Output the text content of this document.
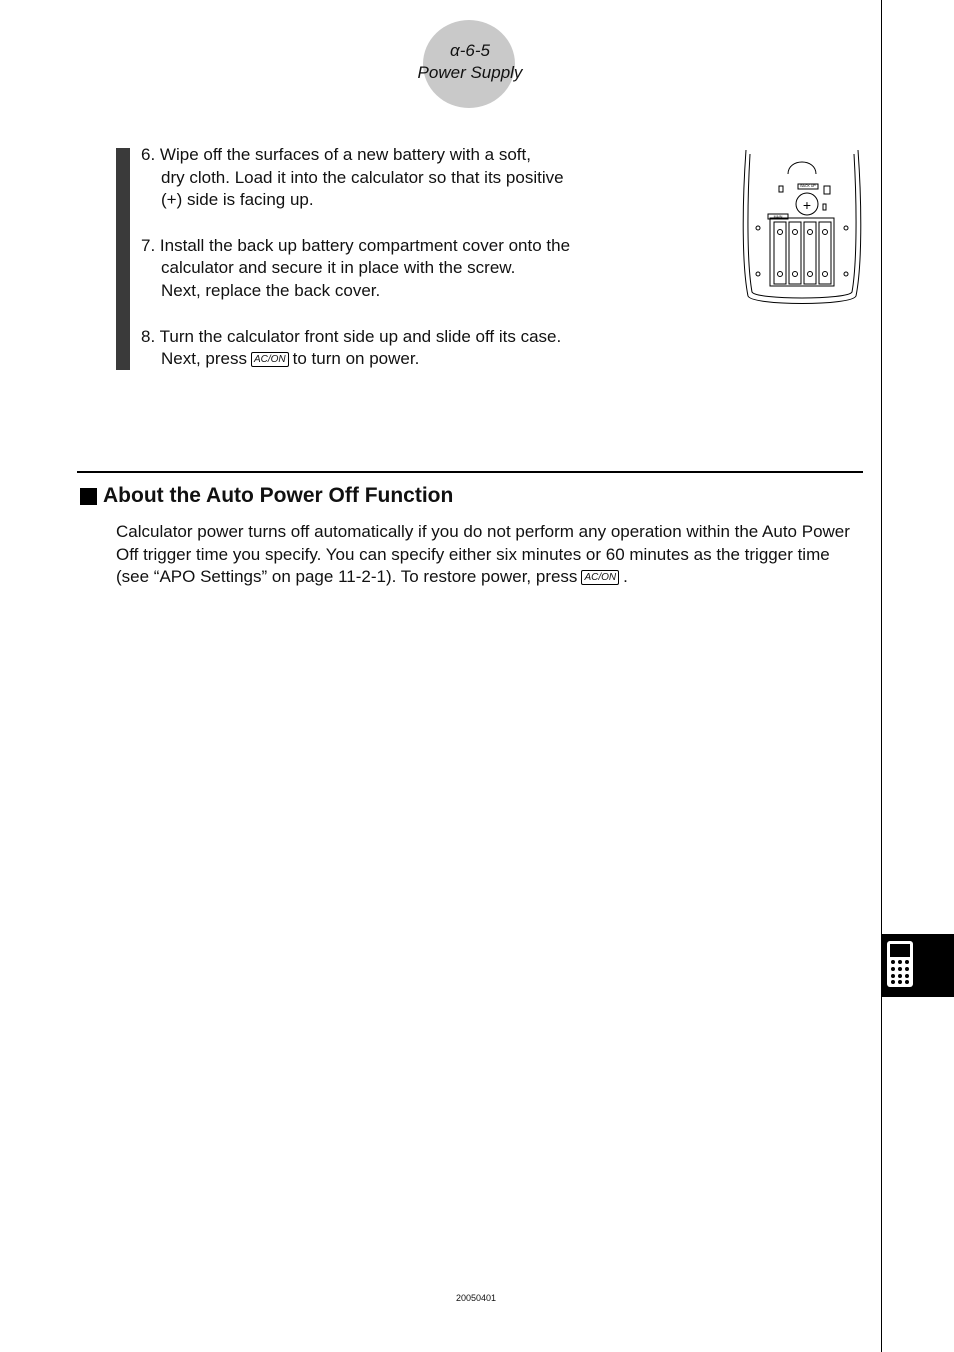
α-6-5
Power Supply
6. Wipe off the surfaces of a new battery with a soft,
dry cloth. Load it into the calculator so that its positive
(+) side is facing up.
7. Install the back up battery compartment cover onto the
calculator and secure it in place with the screw.
Next, replace the back cover.
8. Turn the calculator front side up and slide off its case.
Next, press AC/ON to turn on power.
BACK UP
MAIN
+
About the Auto Power Off Function
Calculator power turns off automatically if you do not perform any operation within the Auto Power Off trigger time you specify. You can specify either six minutes or 60 minutes as the trigger time (see “APO Settings” on page 11-2-1). To restore power, press AC/ON .
20050401
